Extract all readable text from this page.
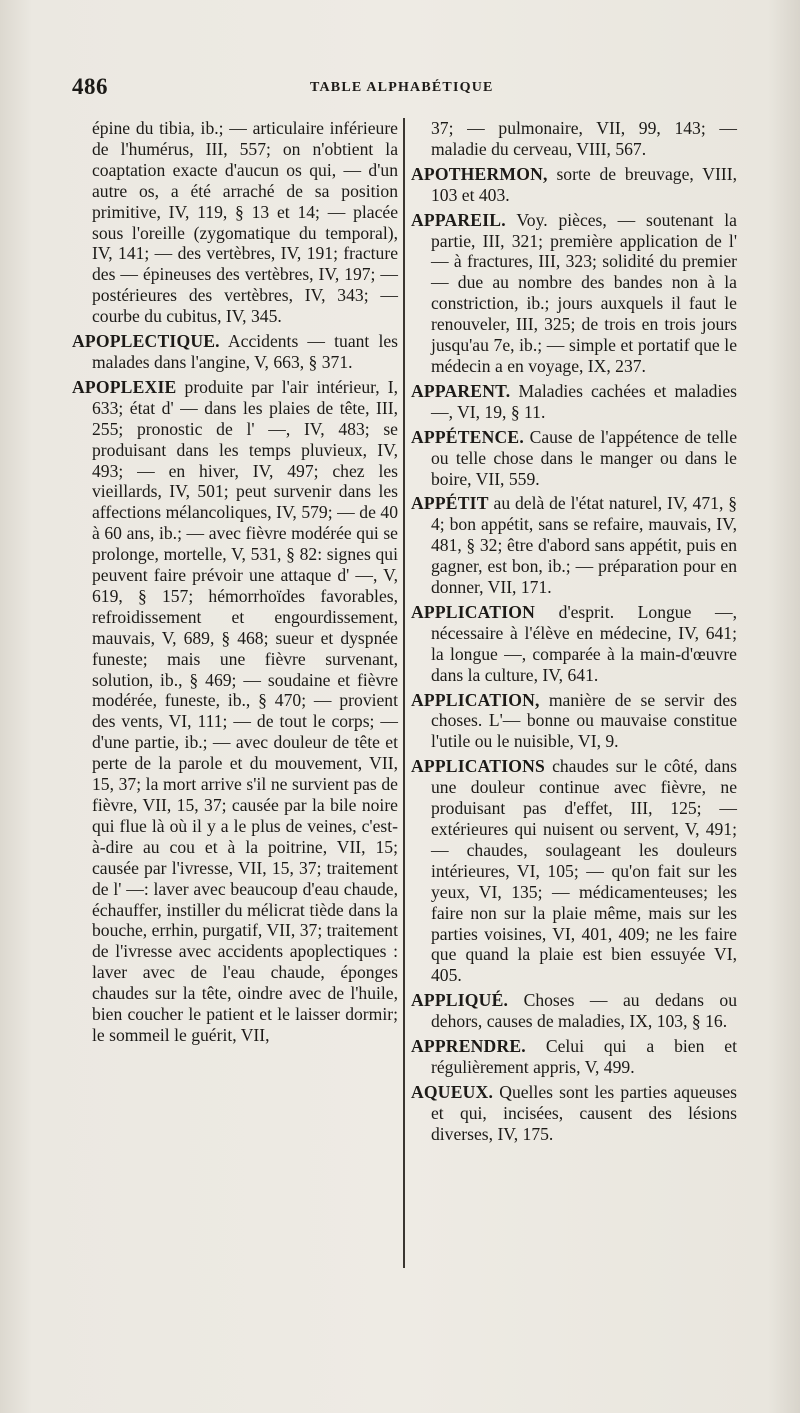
486	TABLE ALPHABÉTIQUE

épine du tibia, ib.; — articulaire inférieure de l'humérus, III, 557; on n'obtient la coaptation exacte d'aucun os qui, — d'un autre os, a été arraché de sa position primitive, IV, 119, § 13 et 14; — placée sous l'oreille (zygomatique du temporal), IV, 141; — des vertèbres, IV, 191; fracture des — épineuses des vertèbres, IV, 197; — postérieures des vertèbres, IV, 343; — courbe du cubitus, IV, 345.

APOPLECTIQUE. Accidents — tuant les malades dans l'angine, V, 663, § 371.

APOPLEXIE produite par l'air intérieur, I, 633; état d' — dans les plaies de tête, III, 255; pronostic de l' —, IV, 483; se produisant dans les temps pluvieux, IV, 493; — en hiver, IV, 497; chez les vieillards, IV, 501; peut survenir dans les affections mélancoliques, IV, 579; — de 40 à 60 ans, ib.; — avec fièvre modérée qui se prolonge, mortelle, V, 531, § 82: signes qui peuvent faire prévoir une attaque d' —, V, 619, § 157; hémorrhoïdes favorables, refroidissement et engourdissement, mauvais, V, 689, § 468; sueur et dyspnée funeste; mais une fièvre survenant, solution, ib., § 469; — soudaine et fièvre modérée, funeste, ib., § 470; — provient des vents, VI, 111; — de tout le corps; — d'une partie, ib.; — avec douleur de tête et perte de la parole et du mouvement, VII, 15, 37; la mort arrive s'il ne survient pas de fièvre, VII, 15, 37; causée par la bile noire qui flue là où il y a le plus de veines, c'est-à-dire au cou et à la poitrine, VII, 15; causée par l'ivresse, VII, 15, 37; traitement de l' —: laver avec beaucoup d'eau chaude, échauffer, instiller du mélicrat tiède dans la bouche, errhin, purgatif, VII, 37; traitement de l'ivresse avec accidents apoplectiques : laver avec de l'eau chaude, éponges chaudes sur la tête, oindre avec de l'huile, bien coucher le patient et le laisser dormir; le sommeil le guérit, VII,

37; — pulmonaire, VII, 99, 143; — maladie du cerveau, VIII, 567.

APOTHERMON, sorte de breuvage, VIII, 103 et 403.

APPAREIL. Voy. pièces, — soutenant la partie, III, 321; première application de l' — à fractures, III, 323; solidité du premier — due au nombre des bandes non à la constriction, ib.; jours auxquels il faut le renouveler, III, 325; de trois en trois jours jusqu'au 7e, ib.; — simple et portatif que le médecin a en voyage, IX, 237.

APPARENT. Maladies cachées et maladies —, VI, 19, § 11.

APPÉTENCE. Cause de l'appétence de telle ou telle chose dans le manger ou dans le boire, VII, 559.

APPÉTIT au delà de l'état naturel, IV, 471, § 4; bon appétit, sans se refaire, mauvais, IV, 481, § 32; être d'abord sans appétit, puis en gagner, est bon, ib.; — préparation pour en donner, VII, 171.

APPLICATION d'esprit. Longue —, nécessaire à l'élève en médecine, IV, 641; la longue —, comparée à la main-d'œuvre dans la culture, IV, 641.

APPLICATION, manière de se servir des choses. L'— bonne ou mauvaise constitue l'utile ou le nuisible, VI, 9.

APPLICATIONS chaudes sur le côté, dans une douleur continue avec fièvre, ne produisant pas d'effet, III, 125; — extérieures qui nuisent ou servent, V, 491; — chaudes, soulageant les douleurs intérieures, VI, 105; — qu'on fait sur les yeux, VI, 135; — médicamenteuses; les faire non sur la plaie même, mais sur les parties voisines, VI, 401, 409; ne les faire que quand la plaie est bien essuyée VI, 405.

APPLIQUÉ. Choses — au dedans ou dehors, causes de maladies, IX, 103, § 16.

APPRENDRE. Celui qui a bien et régulièrement appris, V, 499.

AQUEUX. Quelles sont les parties aqueuses et qui, incisées, causent des lésions diverses, IV, 175.
